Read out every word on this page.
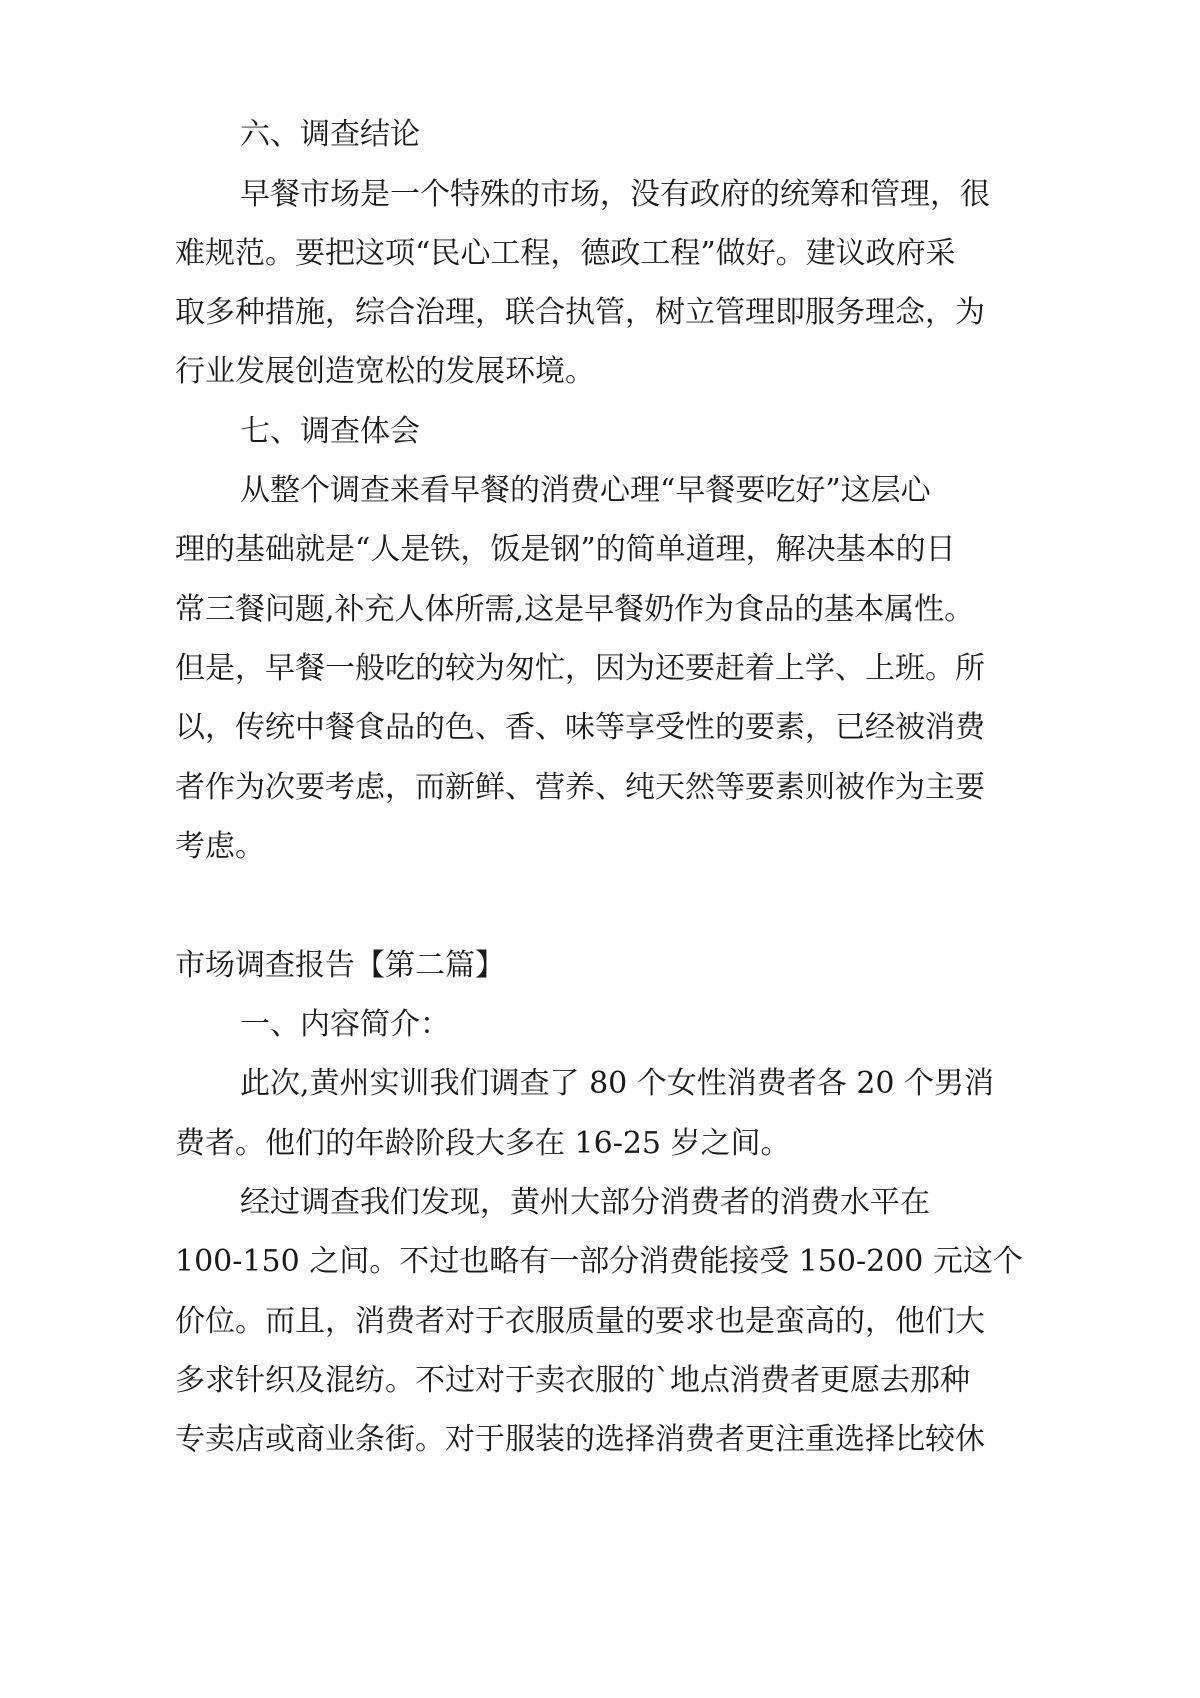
六、调查结论

早餐市场是一个特殊的市场，没有政府的统筹和管理，很

难规范。要把这项“民心工程，德政工程”做好。建议政府采

取多种措施，综合治理，联合执管，树立管理即服务理念，为

行业发展创造宽松的发展环境。

七、调查体会

从整个调查来看早餐的消费心理“早餐要吃好”这层心

理的基础就是“人是铁，饭是钢”的简单道理，解决基本的日

常三餐问题,补充人体所需,这是早餐奶作为食品的基本属性。

但是，早餐一般吃的较为匆忙，因为还要赶着上学、上班。所

以，传统中餐食品的色、香、味等享受性的要素，已经被消费

者作为次要考虑，而新鲜、营养、纯天然等要素则被作为主要

考虑。

市场调查报告【第二篇】

一、内容简介：

此次,黄州实训我们调查了 80 个女性消费者各 20 个男消

费者。他们的年龄阶段大多在 16-25 岁之间。

经过调查我们发现，黄州大部分消费者的消费水平在

100-150 之间。不过也略有一部分消费能接受 150-200 元这个

价位。而且，消费者对于衣服质量的要求也是蛮高的，他们大

多求针织及混纺。不过对于卖衣服的`地点消费者更愿去那种

专卖店或商业条街。对于服装的选择消费者更注重选择比较休
